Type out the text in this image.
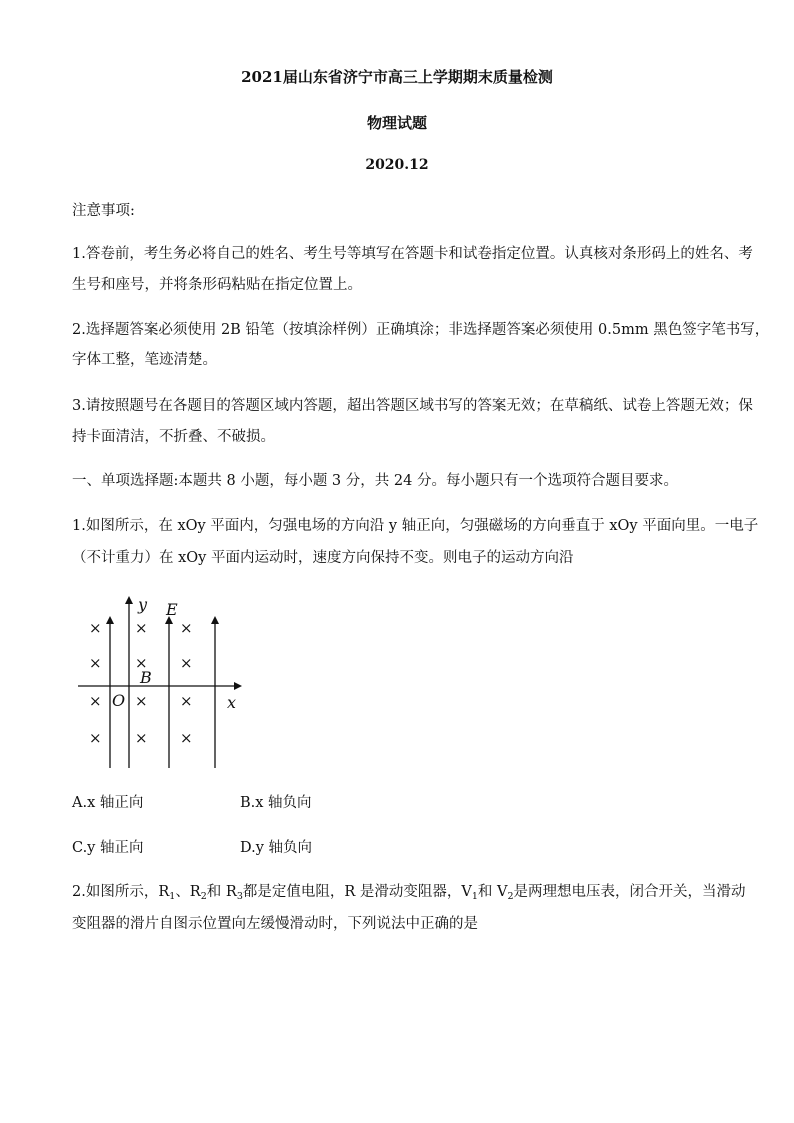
2021届山东省济宁市高三上学期期末质量检测
物理试题
2020.12
注意事项:
1.答卷前，考生务必将自己的姓名、考生号等填写在答题卡和试卷指定位置。认真核对条形码上的姓名、考
生号和座号，并将条形码粘贴在指定位置上。
2.选择题答案必须使用 2B 铅笔（按填涂样例）正确填涂；非选择题答案必须使用 0.5mm 黑色签字笔书写，
字体工整，笔迹清楚。
3.请按照题号在各题目的答题区域内答题，超出答题区域书写的答案无效；在草稿纸、试卷上答题无效；保
持卡面清洁，不折叠、不破损。
一、单项选择题:本题共 8 小题，每小题 3 分，共 24 分。每小题只有一个选项符合题目要求。
1.如图所示，在 xOy 平面内，匀强电场的方向沿 y 轴正向，匀强磁场的方向垂直于 xOy 平面向里。一电子
（不计重力）在 xOy 平面内运动时，速度方向保持不变。则电子的运动方向沿
y E
B
O	x
× × ×
× × ×
× × ×
× × ×
A.x 轴正向	B.x 轴负向
C.y 轴正向	D.y 轴负向
2.如图所示，$R_1$、$R_2$和 $R_3$都是定值电阻，R 是滑动变阻器，$V_1$和 $V_2$是两理想电压表，闭合开关，当滑动
变阻器的滑片自图示位置向左缓慢滑动时，下列说法中正确的是
